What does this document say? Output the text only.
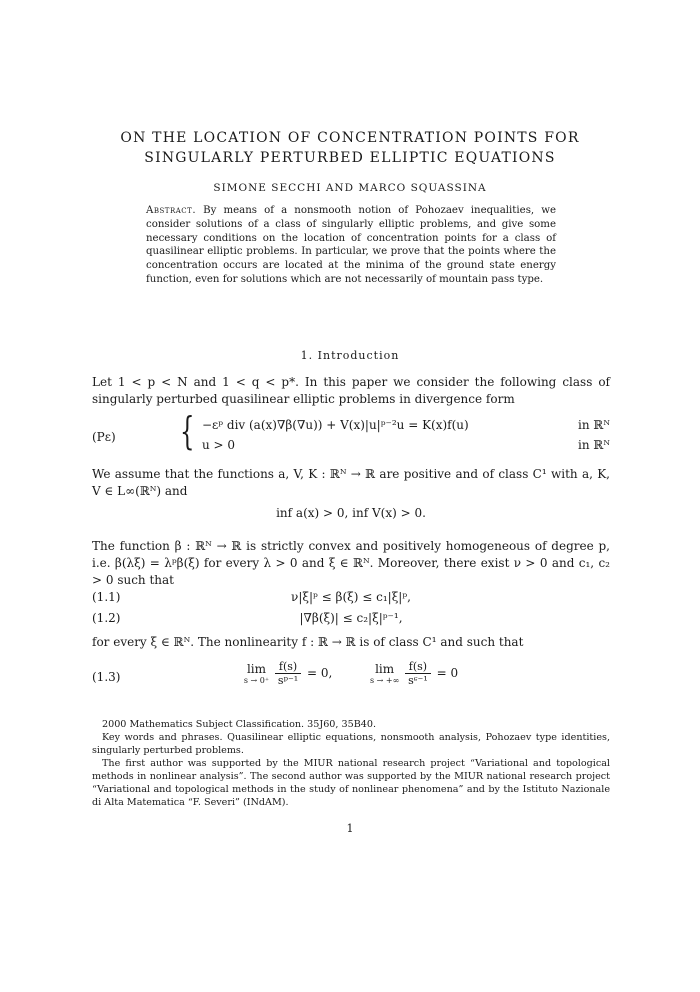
ON THE LOCATION OF CONCENTRATION POINTS FOR
SINGULARLY PERTURBED ELLIPTIC EQUATIONS
SIMONE SECCHI AND MARCO SQUASSINA
Abstract. By means of a nonsmooth notion of Pohozaev inequalities, we consider solutions of a class of singularly elliptic problems, and give some necessary conditions on the location of concentration points for a class of quasilinear elliptic problems. In particular, we prove that the points where the concentration occurs are located at the minima of the ground state energy function, even for solutions which are not necessarily of mountain pass type.
1. Introduction
Let 1 < p < N and 1 < q < p*. In this paper we consider the following class of singularly perturbed quasilinear elliptic problems in divergence form
(Pε) { −εᵖ div (a(x)∇β(∇u)) + V(x)|u|ᵖ⁻²u = K(x)f(u)	in ℝᴺ
u > 0	in ℝᴺ
We assume that the functions a, V, K : ℝᴺ → ℝ are positive and of class C¹ with a, K, V ∈ L∞(ℝᴺ) and
inf a(x) > 0, inf V(x) > 0.
The function β : ℝᴺ → ℝ is strictly convex and positively homogeneous of degree p, i.e. β(λξ) = λᵖβ(ξ) for every λ > 0 and ξ ∈ ℝᴺ. Moreover, there exist ν > 0 and c₁, c₂ > 0 such that
(1.1)	ν|ξ|ᵖ ≤ β(ξ) ≤ c₁|ξ|ᵖ,
(1.2)	|∇β(ξ)| ≤ c₂|ξ|ᵖ⁻¹,
for every ξ ∈ ℝᴺ. The nonlinearity f : ℝ → ℝ is of class C¹ and such that
(1.3)
lim
s → 0⁺
$\frac{f(s)}{\text{sᵖ⁻¹}} = 0$,	lim
s → +∞
$\frac{f(s)}{\text{sᶝ⁻¹}} = 0$

2000 Mathematics Subject Classification. 35J60, 35B40.

Key words and phrases. Quasilinear elliptic equations, nonsmooth analysis, Pohozaev type identities, singularly perturbed problems.

The first author was supported by the MIUR national research project “Variational and topological methods in nonlinear analysis”. The second author was supported by the MIUR national research project “Variational and topological methods in the study of nonlinear phenomena” and by the Istituto Nazionale di Alta Matematica “F. Severi” (INdAM).

1
